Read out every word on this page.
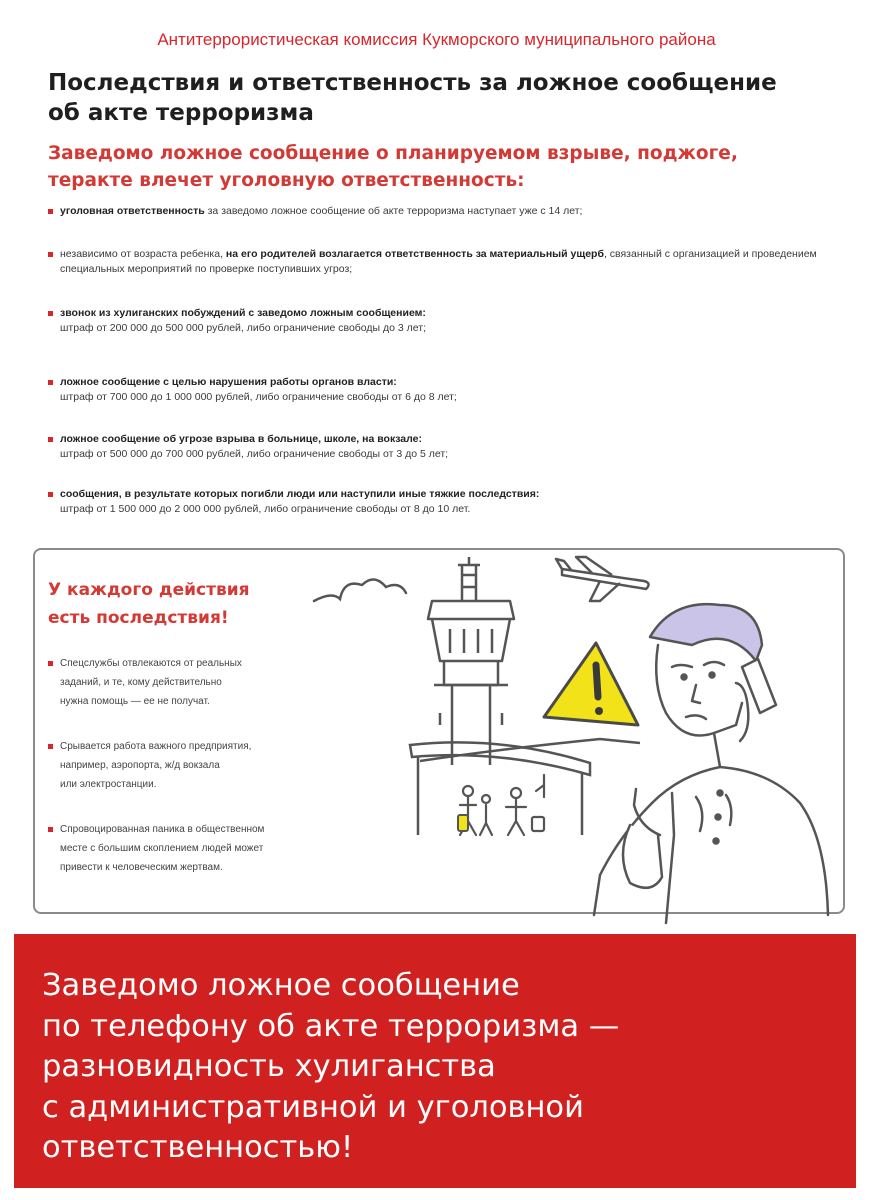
Антитеррористическая комиссия Кукморского муниципального района
Последствия и ответственность за ложное сообщение
об акте терроризма

Заведомо ложное сообщение о планируемом взрыве, поджоге,
теракте влечет уголовную ответственность:

уголовная ответственность за заведомо ложное сообщение об акте терроризма наступает уже с 14 лет;
независимо от возраста ребенка, на его родителей возлагается ответственность за материальный ущерб, связанный с организацией и проведением специальных мероприятий по проверке поступивших угроз;
звонок из хулиганских побуждений с заведомо ложным сообщением:
штраф от 200 000 до 500 000 рублей, либо ограничение свободы до 3 лет;
ложное сообщение с целью нарушения работы органов власти:
штраф от 700 000 до 1 000 000 рублей, либо ограничение свободы от 6 до 8 лет;
ложное сообщение об угрозе взрыва в больнице, школе, на вокзале:
штраф от 500 000 до 700 000 рублей, либо ограничение свободы от 3 до 5 лет;
сообщения, в результате которых погибли люди или наступили иные тяжкие последствия:
штраф от 1 500 000 до 2 000 000 рублей, либо ограничение свободы от 8 до 10 лет.
У каждого действия
есть последствия!
Спецслужбы отвлекаются от реальных
заданий, и те, кому действительно
нужна помощь — ее не получат.
Срывается работа важного предприятия,
например, аэропорта, ж/д вокзала
или электростанции.
Спровоцированная паника в общественном
месте с большим скоплением людей может
привести к человеческим жертвам.

Заведомо ложное сообщение
по телефону об акте терроризма —
разновидность хулиганства
с административной и уголовной
ответственностью!
